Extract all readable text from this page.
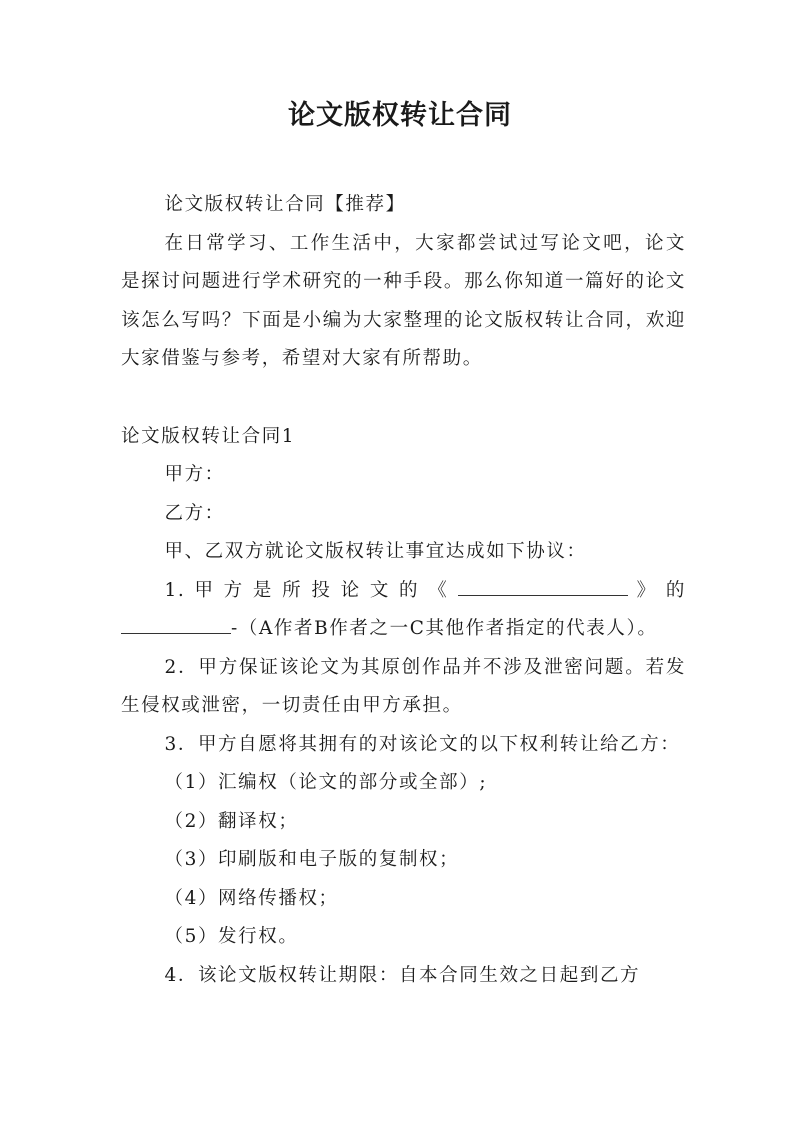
论文版权转让合同

论文版权转让合同【推荐】

在日常学习、工作生活中，大家都尝试过写论文吧，论文是探讨问题进行学术研究的一种手段。那么你知道一篇好的论文该怎么写吗？下面是小编为大家整理的论文版权转让合同，欢迎大家借鉴与参考，希望对大家有所帮助。

论文版权转让合同1

甲方：

乙方：

甲、乙双方就论文版权转让事宜达成如下协议：

1.甲方是所投论文的《	》的-（A作者B作者之一C其他作者指定的代表人）。

2．甲方保证该论文为其原创作品并不涉及泄密问题。若发生侵权或泄密，一切责任由甲方承担。

3．甲方自愿将其拥有的对该论文的以下权利转让给乙方：

（1）汇编权（论文的部分或全部）;

（2）翻译权；

（3）印刷版和电子版的复制权；

（4）网络传播权；

（5）发行权。

4．该论文版权转让期限：自本合同生效之日起到乙方
